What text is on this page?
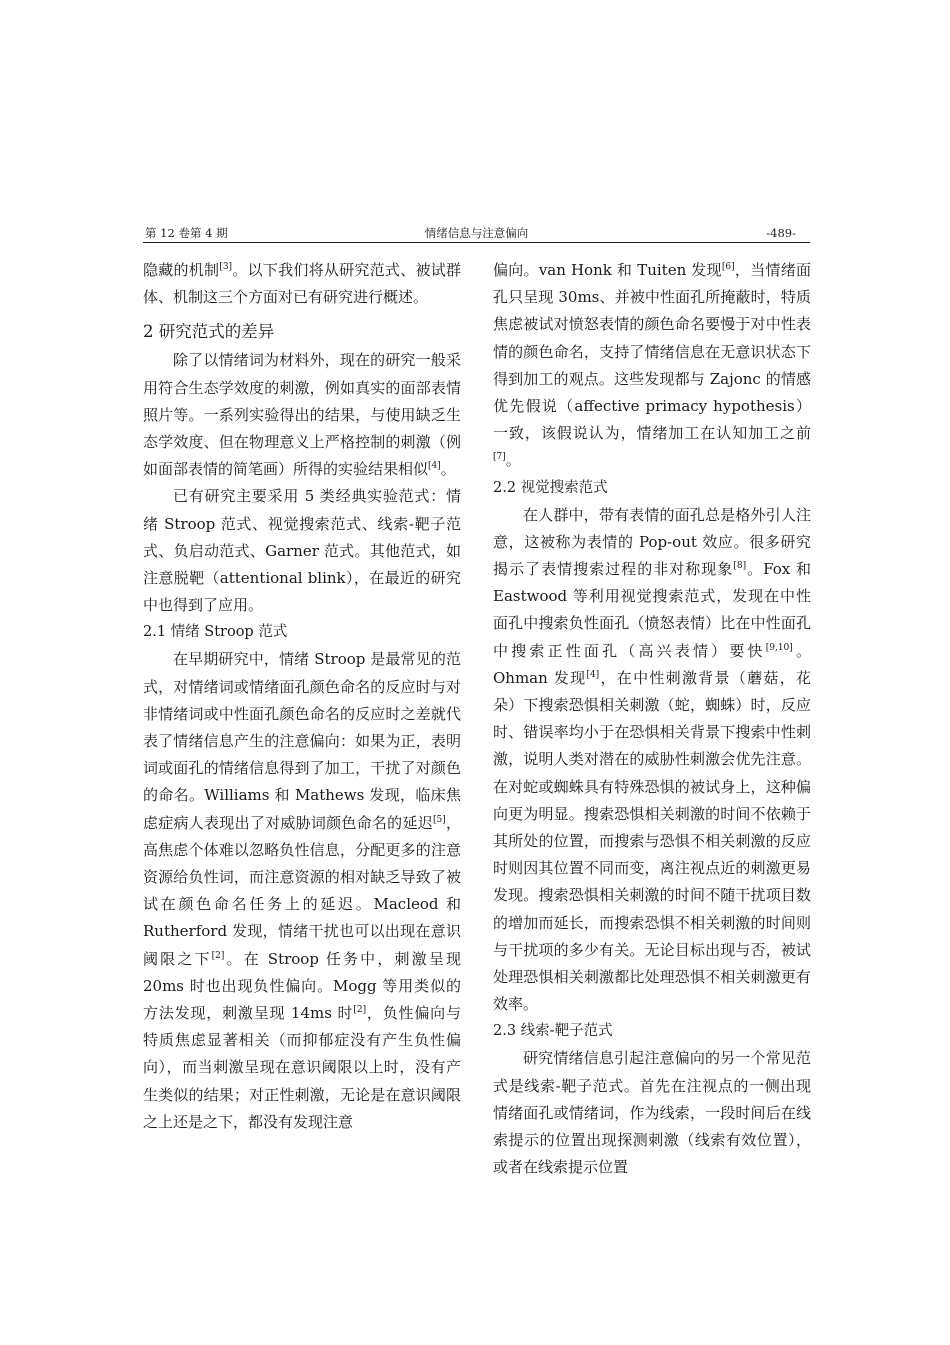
第 12 卷第 4 期	情绪信息与注意偏向	-489-

隐藏的机制[3]。以下我们将从研究范式、被试群体、机制这三个方面对已有研究进行概述。

2 研究范式的差异

除了以情绪词为材料外，现在的研究一般采用符合生态学效度的刺激，例如真实的面部表情照片等。一系列实验得出的结果，与使用缺乏生态学效度、但在物理意义上严格控制的刺激（例如面部表情的简笔画）所得的实验结果相似[4]。

已有研究主要采用 5 类经典实验范式：情绪 Stroop 范式、视觉搜索范式、线索-靶子范式、负启动范式、Garner 范式。其他范式，如注意脱靶（attentional blink），在最近的研究中也得到了应用。

2.1 情绪 Stroop 范式

在早期研究中，情绪 Stroop 是最常见的范式，对情绪词或情绪面孔颜色命名的反应时与对非情绪词或中性面孔颜色命名的反应时之差就代表了情绪信息产生的注意偏向：如果为正，表明词或面孔的情绪信息得到了加工，干扰了对颜色的命名。Williams 和 Mathews 发现，临床焦虑症病人表现出了对威胁词颜色命名的延迟[5]，高焦虑个体难以忽略负性信息，分配更多的注意资源给负性词，而注意资源的相对缺乏导致了被试在颜色命名任务上的延迟。Macleod 和 Rutherford 发现，情绪干扰也可以出现在意识阈限之下[2]。在 Stroop 任务中，刺激呈现 20ms 时也出现负性偏向。Mogg 等用类似的方法发现，刺激呈现 14ms 时[2]，负性偏向与特质焦虑显著相关（而抑郁症没有产生负性偏向），而当刺激呈现在意识阈限以上时，没有产生类似的结果；对正性刺激，无论是在意识阈限之上还是之下，都没有发现注意

偏向。van Honk 和 Tuiten 发现[6]，当情绪面孔只呈现 30ms、并被中性面孔所掩蔽时，特质焦虑被试对愤怒表情的颜色命名要慢于对中性表情的颜色命名，支持了情绪信息在无意识状态下得到加工的观点。这些发现都与 Zajonc 的情感优先假说（affective primacy hypothesis）一致，该假说认为，情绪加工在认知加工之前[7]。

2.2 视觉搜索范式

在人群中，带有表情的面孔总是格外引人注意，这被称为表情的 Pop-out 效应。很多研究揭示了表情搜索过程的非对称现象[8]。Fox 和 Eastwood 等利用视觉搜索范式，发现在中性面孔中搜索负性面孔（愤怒表情）比在中性面孔中搜索正性面孔（高兴表情）要快[9,10]。Ohman 发现[4]，在中性刺激背景（蘑菇，花朵）下搜索恐惧相关刺激（蛇，蜘蛛）时，反应时、错误率均小于在恐惧相关背景下搜索中性刺激，说明人类对潜在的威胁性刺激会优先注意。在对蛇或蜘蛛具有特殊恐惧的被试身上，这种偏向更为明显。搜索恐惧相关刺激的时间不依赖于其所处的位置，而搜索与恐惧不相关刺激的反应时则因其位置不同而变，离注视点近的刺激更易发现。搜索恐惧相关刺激的时间不随干扰项目数的增加而延长，而搜索恐惧不相关刺激的时间则与干扰项的多少有关。无论目标出现与否，被试处理恐惧相关刺激都比处理恐惧不相关刺激更有效率。

2.3 线索-靶子范式

研究情绪信息引起注意偏向的另一个常见范式是线索-靶子范式。首先在注视点的一侧出现情绪面孔或情绪词，作为线索，一段时间后在线索提示的位置出现探测刺激（线索有效位置），或者在线索提示位置
